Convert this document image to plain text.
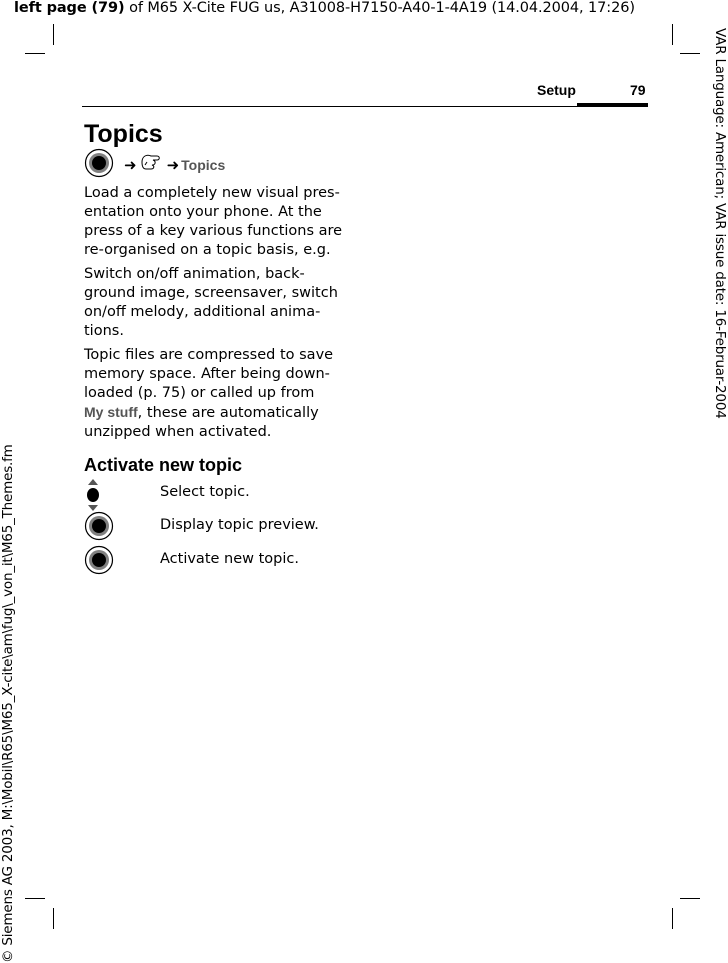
left page (79) of M65 X-Cite FUG us, A31008-H7150-A40-1-4A19 (14.04.2004, 17:26)
VAR Language: American; VAR issue date: 16-Februar-2004
© Siemens AG 2003, M:\Mobil\R65\M65_X-cite\am\fug\_von_it\M65_Themes.fm
Setup	79
Topics
➜ ➜ Topics

Load a completely new visual pres-

entation onto your phone. At the

press of a key various functions are

re-organised on a topic basis, e.g.

Switch on/off animation, back-

ground image, screensaver, switch

on/off melody, additional anima-

tions.

Topic files are compressed to save

memory space. After being down-

loaded (p. 75) or called up from

My stuff, these are automatically

unzipped when activated.

Activate new topic
Select topic.
Display topic preview.
Activate new topic.
